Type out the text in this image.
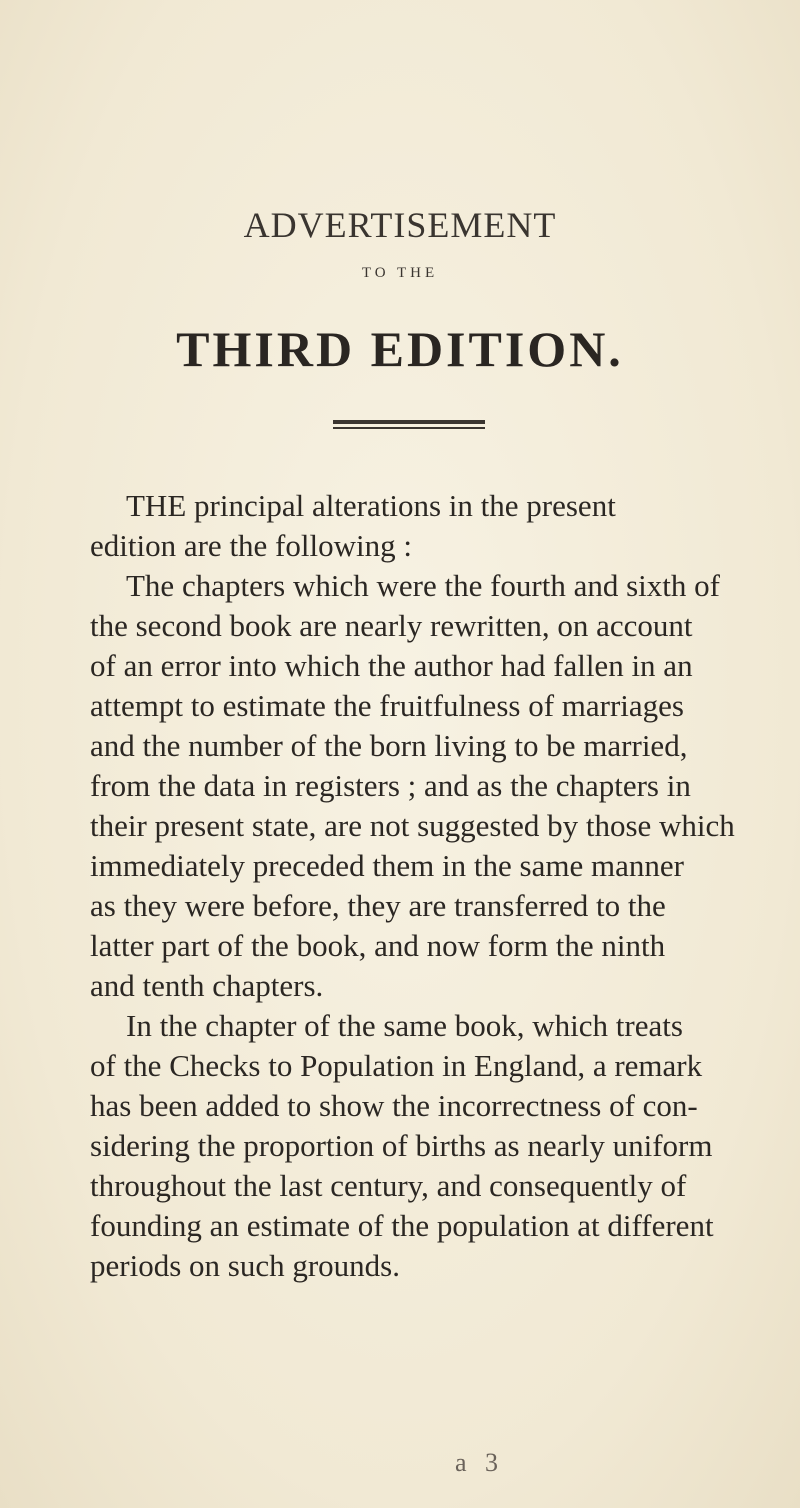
ADVERTISEMENT
TO THE
THIRD EDITION.
THE principal alterations in the present
edition are the following :
The chapters which were the fourth and sixth of
the second book are nearly rewritten, on account
of an error into which the author had fallen in an
attempt to estimate the fruitfulness of marriages
and the number of the born living to be married,
from the data in registers ; and as the chapters in
their present state, are not suggested by those which
immediately preceded them in the same manner
as they were before, they are transferred to the
latter part of the book, and now form the ninth
and tenth chapters.
In the chapter of the same book, which treats
of the Checks to Population in England, a remark
has been added to show the incorrectness of con-
sidering the proportion of births as nearly uniform
throughout the last century, and consequently of
founding an estimate of the population at different
periods on such grounds.
a 3
